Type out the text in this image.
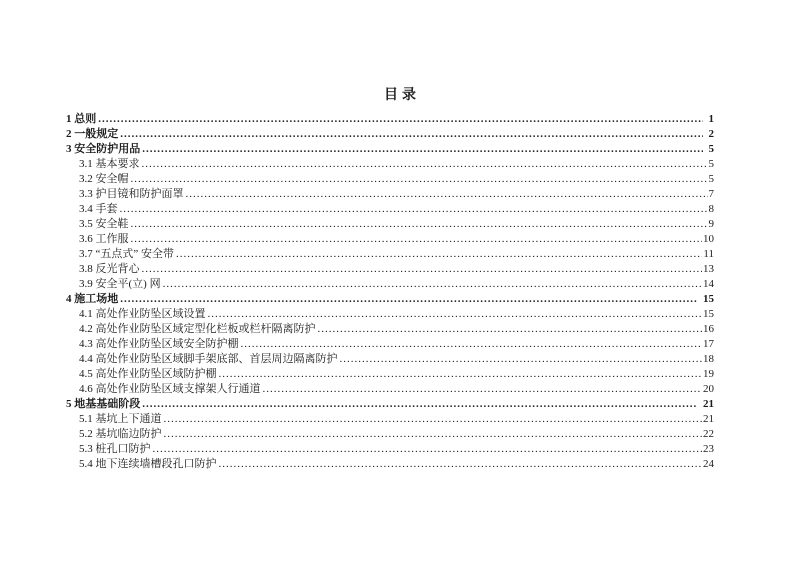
目录
1 总则 .....	1
2 一般规定 .....	2
3 安全防护用品 .....	5
3.1 基本要求 .....	5
3.2 安全帽 .....	5
3.3 护目镜和防护面罩 .....	7
3.4 手套 .....	8
3.5 安全鞋 .....	9
3.6 工作服 .....	10
3.7 “五点式” 安全带 .....	11
3.8 反光背心 .....	13
3.9 安全平(立) 网 .....	14
4 施工场地 .....	15
4.1 高处作业防坠区域设置 .....	15
4.2 高处作业防坠区域定型化栏板或栏杆隔离防护 .....	16
4.3 高处作业防坠区域安全防护棚 .....	17
4.4 高处作业防坠区域脚手架底部、首层周边隔离防护 .....	18
4.5 高处作业防坠区域防护棚 .....	19
4.6 高处作业防坠区域支撑架人行通道 .....	20
5 地基基础阶段 .....	21
5.1 基坑上下通道 .....	21
5.2 基坑临边防护 .....	22
5.3 桩孔口防护 .....	23
5.4 地下连续墙槽段孔口防护 .....	24
